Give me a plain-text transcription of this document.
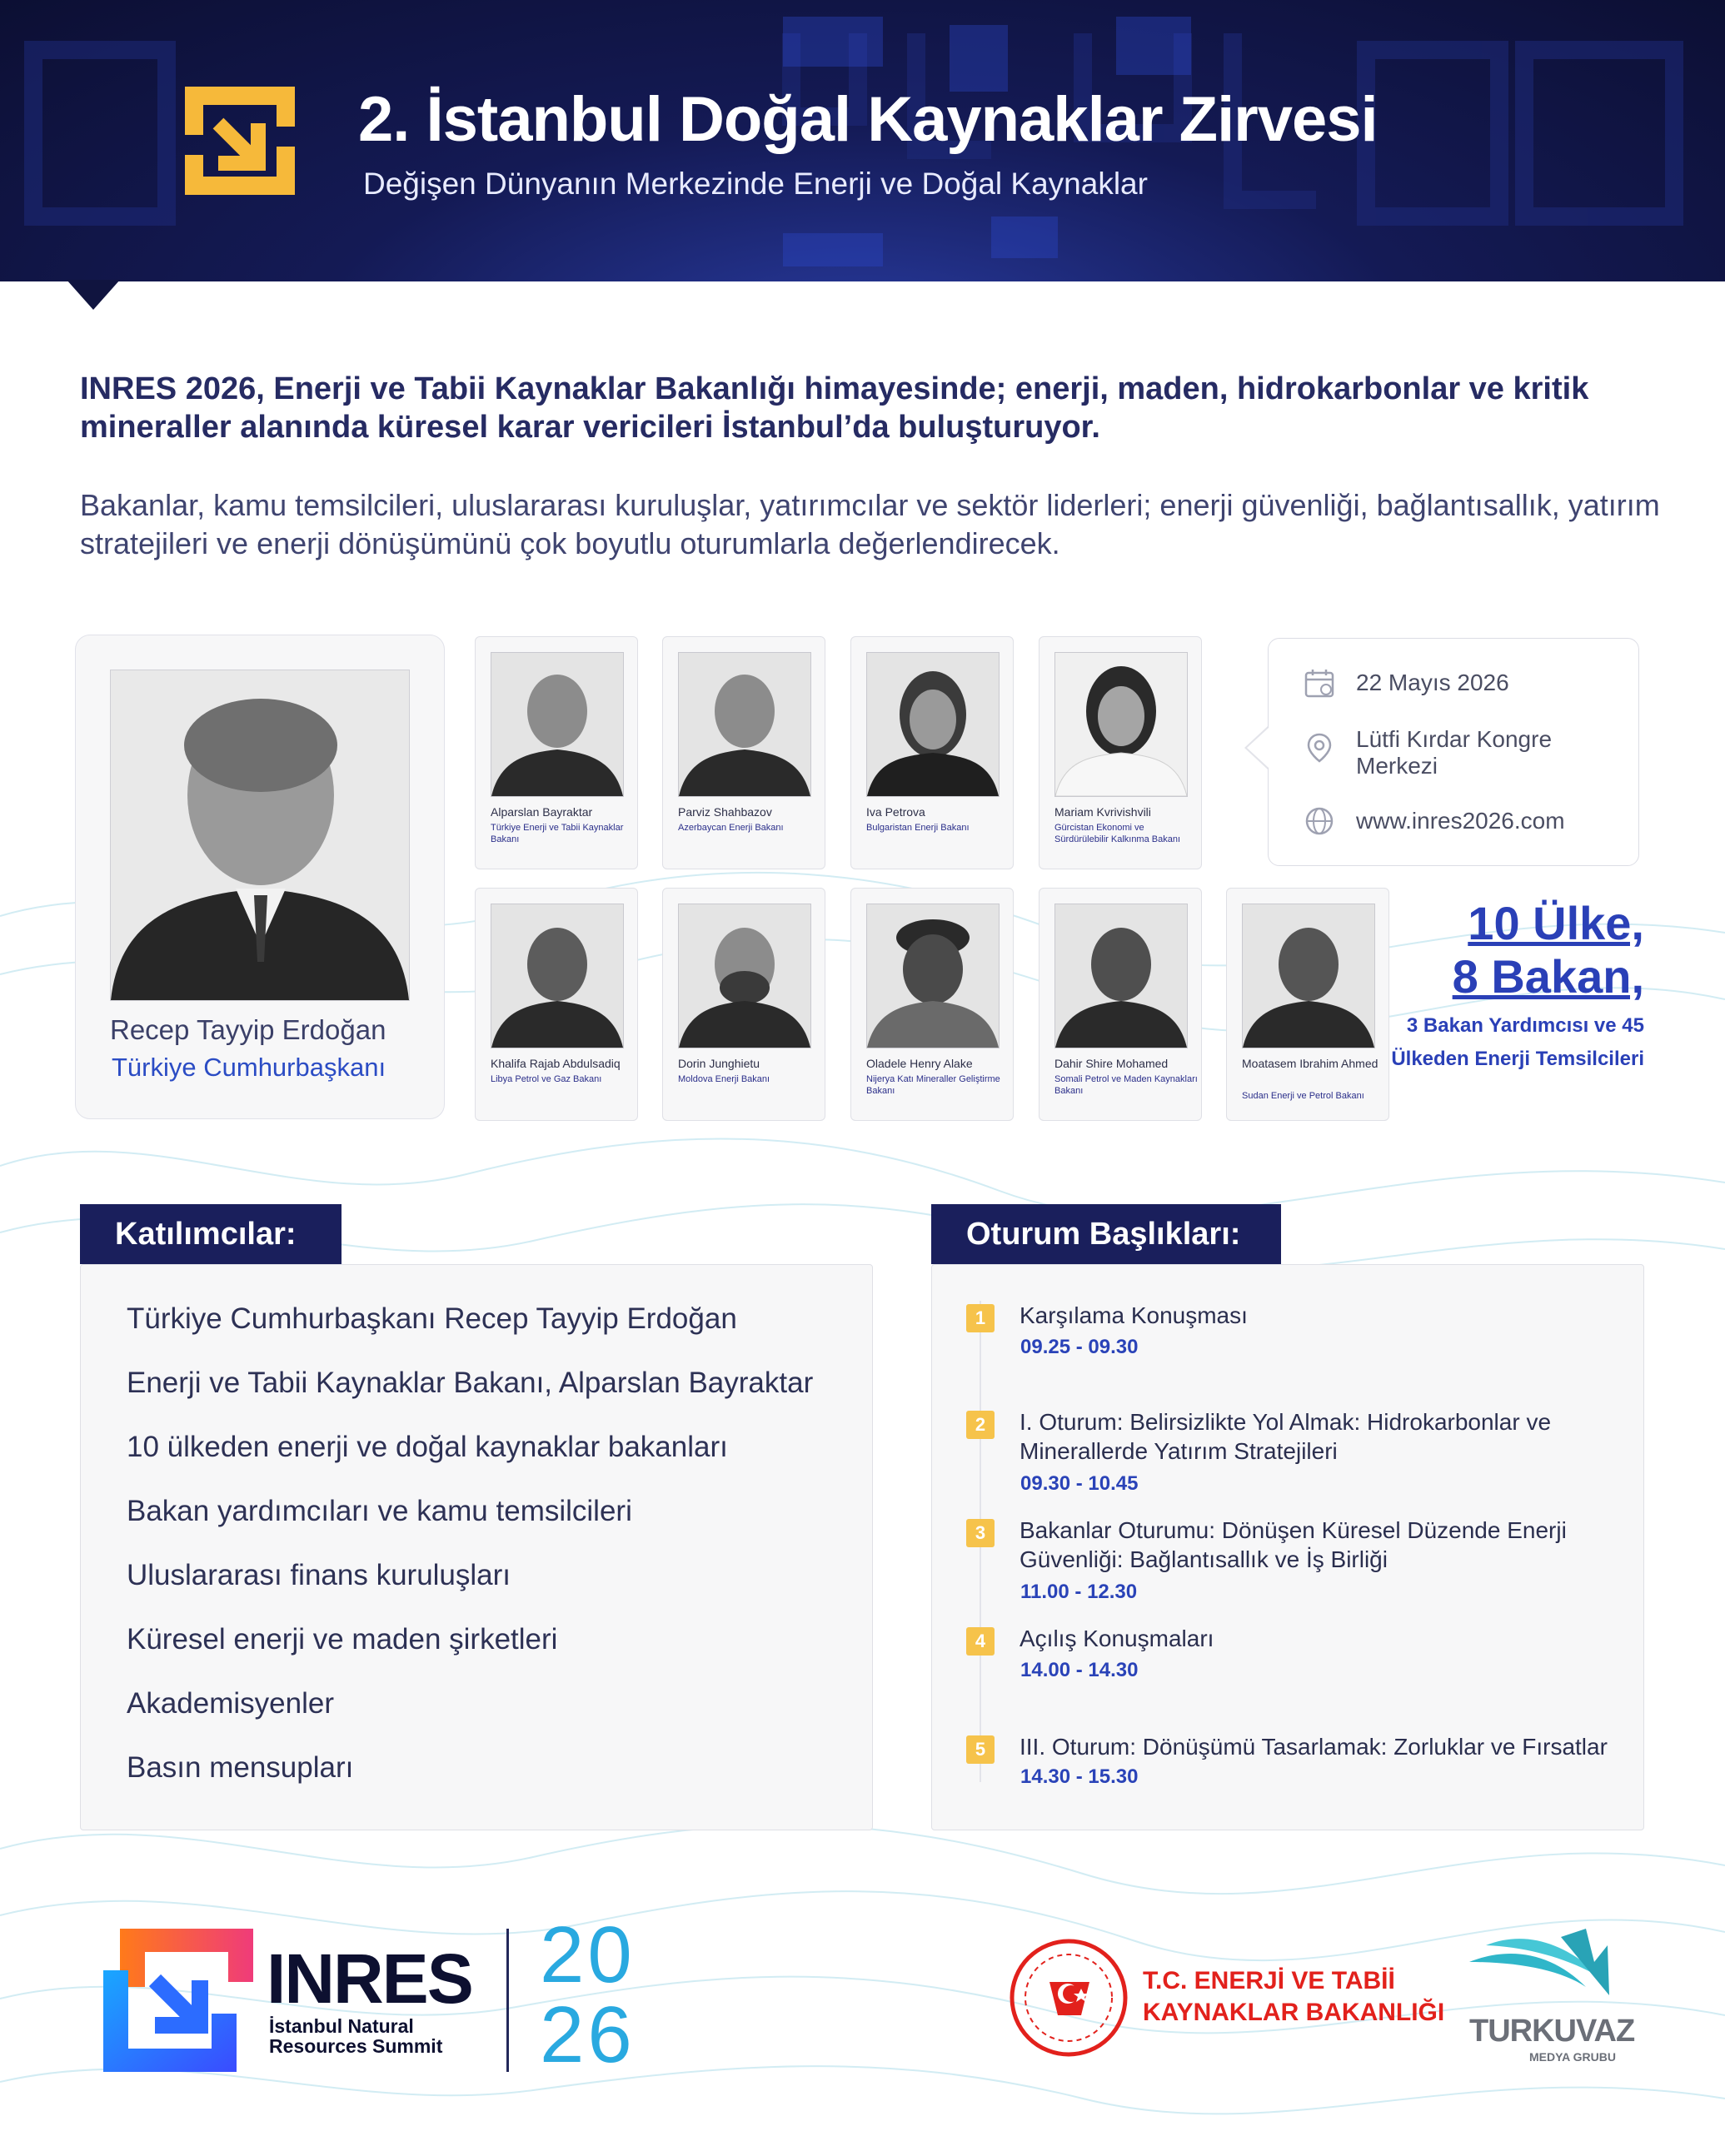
2. İstanbul Doğal Kaynaklar Zirvesi
Değişen Dünyanın Merkezinde Enerji ve Doğal Kaynaklar
INRES 2026, Enerji ve Tabii Kaynaklar Bakanlığı himayesinde; enerji, maden, hidrokarbonlar ve kritik mineraller alanında küresel karar vericileri İstanbul’da buluşturuyor.
Bakanlar, kamu temsilcileri, uluslararası kuruluşlar, yatırımcılar ve sektör liderleri; enerji güvenliği, bağlantısallık, yatırım stratejileri ve enerji dönüşümünü çok boyutlu oturumlarla değerlendirecek.
Recep Tayyip Erdoğan
Türkiye Cumhurbaşkanı
Alparslan Bayraktar
Türkiye Enerji ve Tabii Kaynaklar Bakanı
Parviz Shahbazov
Azerbaycan Enerji Bakanı
Iva Petrova
Bulgaristan Enerji Bakanı
Mariam Kvrivishvili
Gürcistan Ekonomi ve Sürdürülebilir Kalkınma Bakanı
Khalifa Rajab Abdulsadiq
Libya Petrol ve Gaz Bakanı
Dorin Junghietu
Moldova Enerji Bakanı
Oladele Henry Alake
Nijerya Katı Mineraller Geliştirme Bakanı
Dahir Shire Mohamed
Somali Petrol ve Maden Kaynakları Bakanı
Moatasem Ibrahim Ahmed
Sudan Enerji ve Petrol Bakanı
22 Mayıs 2026
Lütfi Kırdar Kongre Merkezi
www.inres2026.com
10 Ülke,
8 Bakan,
3 Bakan Yardımcısı ve 45 Ülkeden Enerji Temsilcileri
Katılımcılar:
Türkiye Cumhurbaşkanı Recep Tayyip Erdoğan
Enerji ve Tabii Kaynaklar Bakanı, Alparslan Bayraktar
10 ülkeden enerji ve doğal kaynaklar bakanları
Bakan yardımcıları ve kamu temsilcileri
Uluslararası finans kuruluşları
Küresel enerji ve maden şirketleri
Akademisyenler
Basın mensupları
Oturum Başlıkları:
1	Karşılama Konuşması
09.25 - 09.30
2	I. Oturum: Belirsizlikte Yol Almak: Hidrokarbonlar ve Minerallerde Yatırım Stratejileri
09.30 - 10.45
3	Bakanlar Oturumu: Dönüşen Küresel Düzende Enerji Güvenliği: Bağlantısallık ve İş Birliği
11.00 - 12.30
4	Açılış Konuşmaları
14.00 - 14.30
5	III. Oturum: Dönüşümü Tasarlamak: Zorluklar ve Fırsatlar
14.30 - 15.30
INRES
İstanbul Natural
Resources Summit
20
26
T.C. ENERJİ VE TABİİ
KAYNAKLAR BAKANLIĞI
TURKUVAZ
MEDYA GRUBU
